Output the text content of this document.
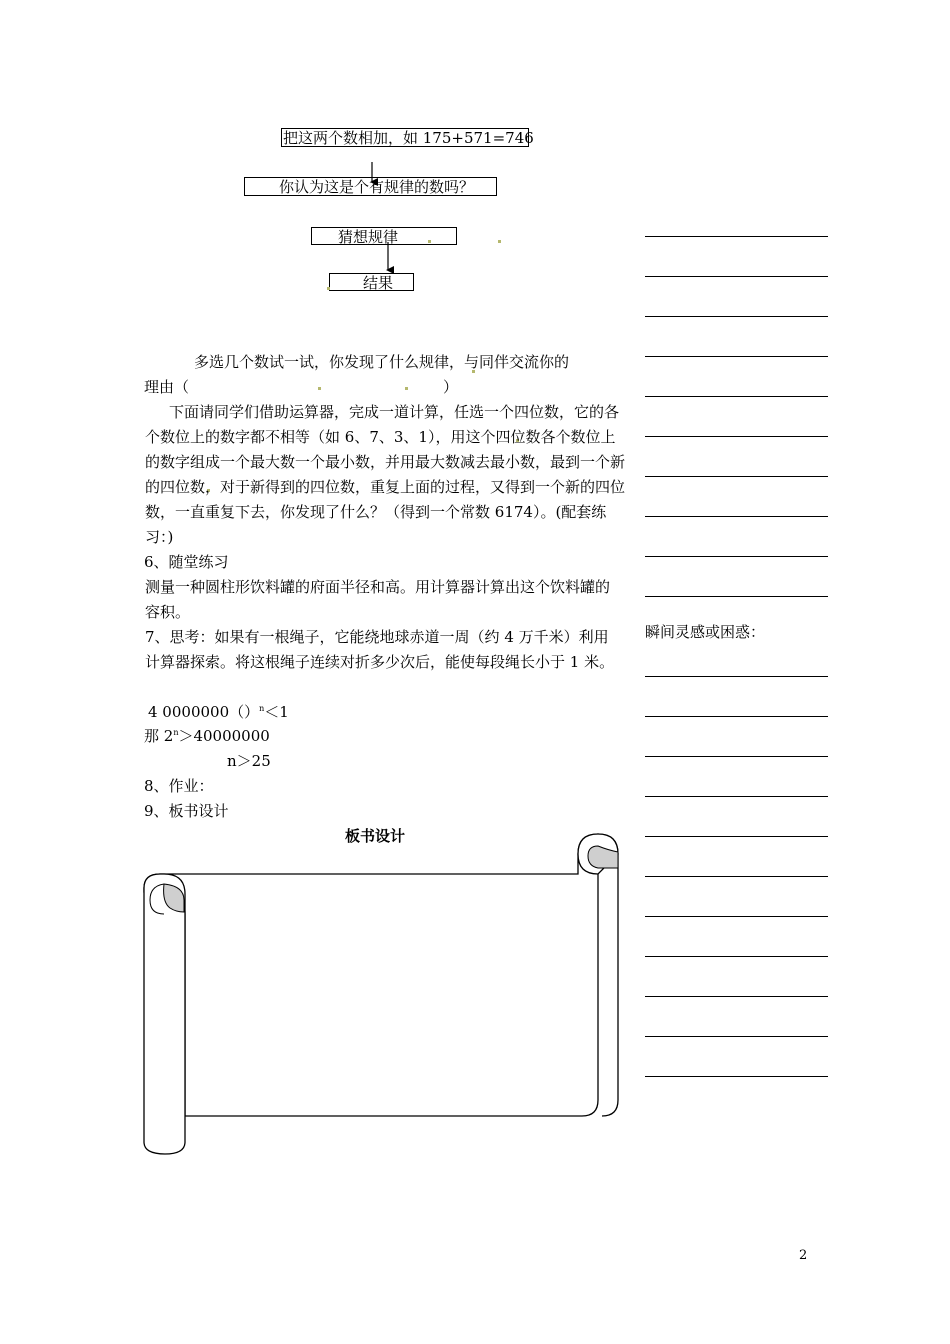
把这两个数相加，如 175+571=746
你认为这是个有规律的数吗？
猜想规律
结果
多选几个数试一试，你发现了什么规律，与同伴交流你的
理由（	）
下面请同学们借助运算器，完成一道计算，任选一个四位数，它的各个数位上的数字都不相等（如 6、7、3、1），用这个四位数各个数位上的数字组成一个最大数一个最小数，并用最大数减去最小数，最到一个新的四位数，对于新得到的四位数，重复上面的过程，又得到一个新的四位数，一直重复下去，你发现了什么？（得到一个常数 6174）。(配套练习：)
6、随堂练习
测量一种圆柱形饮料罐的府面半径和高。用计算器计算出这个饮料罐的容积。
7、思考：如果有一根绳子，它能绕地球赤道一周（约 4 万千米）利用计算器探索。将这根绳子连续对折多少次后，能使每段绳长小于 1 米。
4 0000000（）$^n$＜1
那 $2^n>40000000$
n＞25
8、作业：
9、板书设计
板书设计
瞬间灵感或困惑：
2
